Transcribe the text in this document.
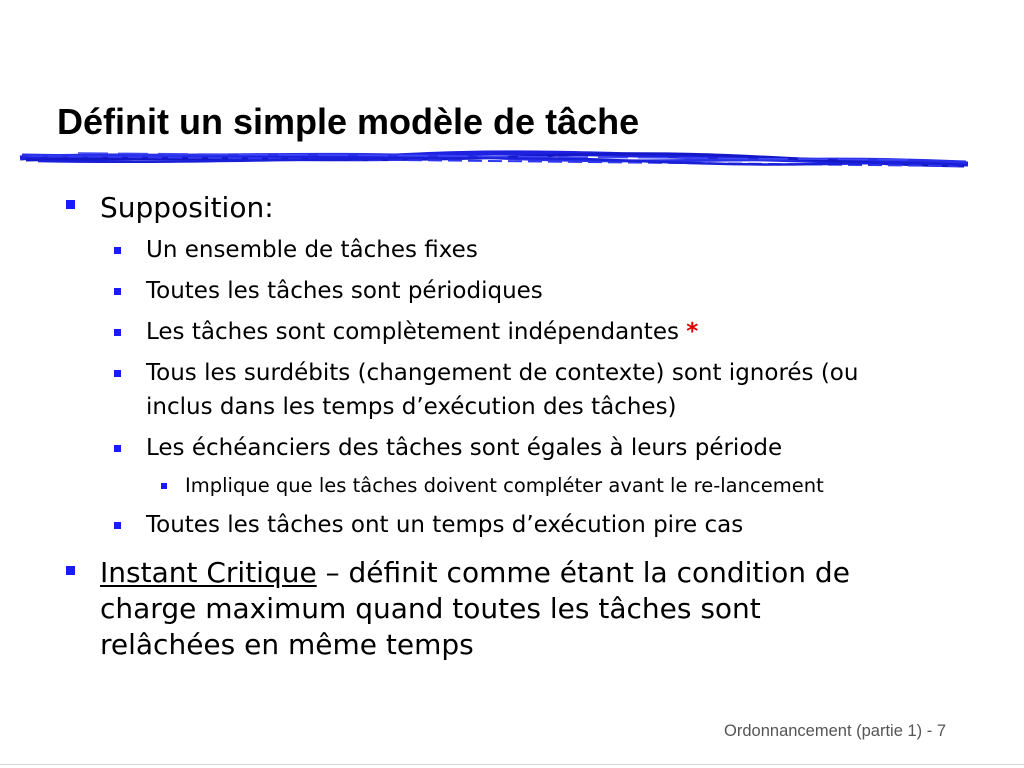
Définit un simple modèle de tâche
Supposition:
Un ensemble de tâches fixes
Toutes les tâches sont périodiques
Les tâches sont complètement indépendantes *
Tous les surdébits (changement de contexte) sont ignorés (ou
inclus dans les temps d’exécution des tâches)
Les échéanciers des tâches sont égales à leurs période
Implique que les tâches doivent compléter avant le re-lancement
Toutes les tâches ont un temps d’exécution pire cas
Instant Critique – définit comme étant la condition de
charge maximum quand toutes les tâches sont
relâchées en même temps
Ordonnancement (partie 1) - 7
